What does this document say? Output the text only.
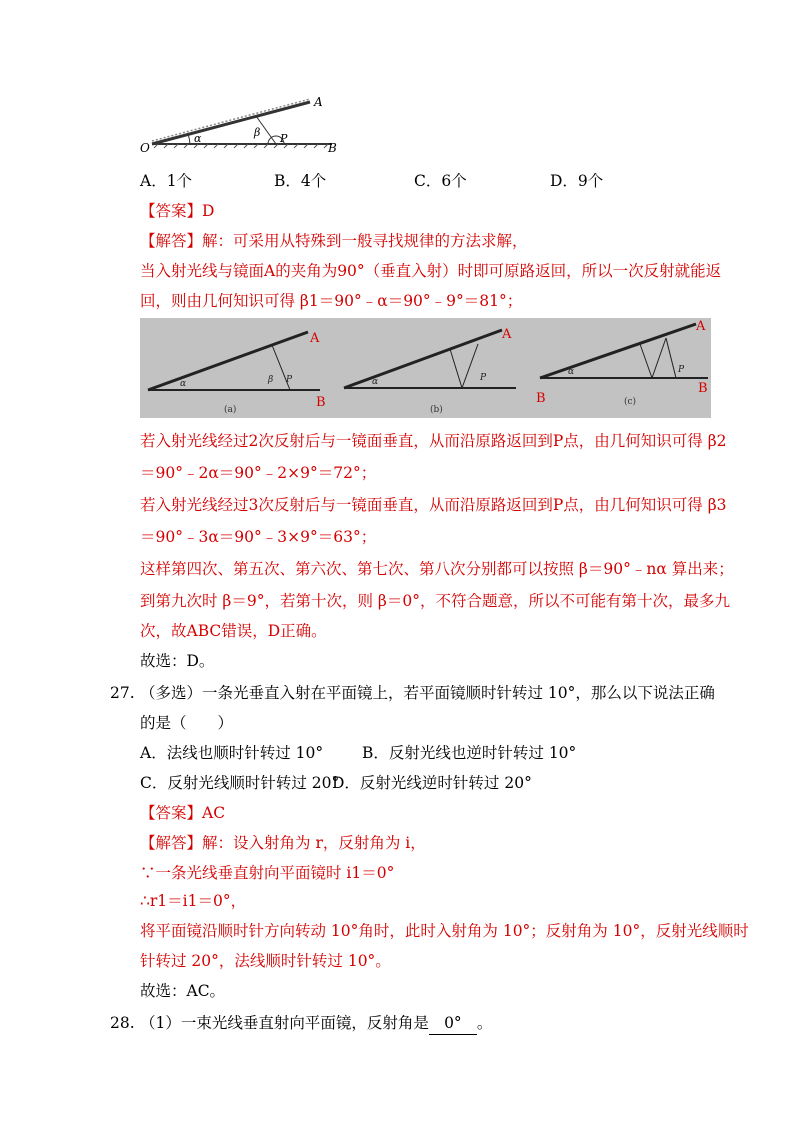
O
α	β P
A
B
A．1个	B．4个	C．6个	D．9个
【答案】D
【解答】解：可采用从特殊到一般寻找规律的方法求解，
当入射光线与镜面A的夹角为90°（垂直入射）时即可原路返回，所以一次反射就能返
回，则由几何知识可得 β1＝90°﹣α＝90°﹣9°＝81°；
α	β P
A
B
(a)
α	P
A
B
(b)
α	P
A
B
(c)
若入射光线经过2次反射后与一镜面垂直，从而沿原路返回到P点，由几何知识可得 β2
＝90°﹣2α＝90°﹣2×9°＝72°；
若入射光线经过3次反射后与一镜面垂直，从而沿原路返回到P点，由几何知识可得 β3
＝90°﹣3α＝90°﹣3×9°＝63°；
这样第四次、第五次、第六次、第七次、第八次分别都可以按照 β＝90°﹣nα 算出来；
到第九次时 β＝9°，若第十次，则 β＝0°，不符合题意，所以不可能有第十次，最多九
次，故ABC错误，D正确。
故选：D。
27. （多选）一条光垂直入射在平面镜上，若平面镜顺时针转过 10°，那么以下说法正确
的是（　　）
A．法线也顺时针转过 10°	B．反射光线也逆时针转过 10°
C．反射光线顺时针转过 20°
D．反射光线逆时针转过 20°
【答案】AC
【解答】解：设入射角为 r，反射角为 i，
∵一条光线垂直射向平面镜时 i1＝0°
∴r1＝i1＝0°，
将平面镜沿顺时针方向转动 10°角时，此时入射角为 10°；反射角为 10°，反射光线顺时
针转过 20°，法线顺时针转过 10°。
故选：AC。
28. （1）一束光线垂直射向平面镜，反射角是 0° 。
